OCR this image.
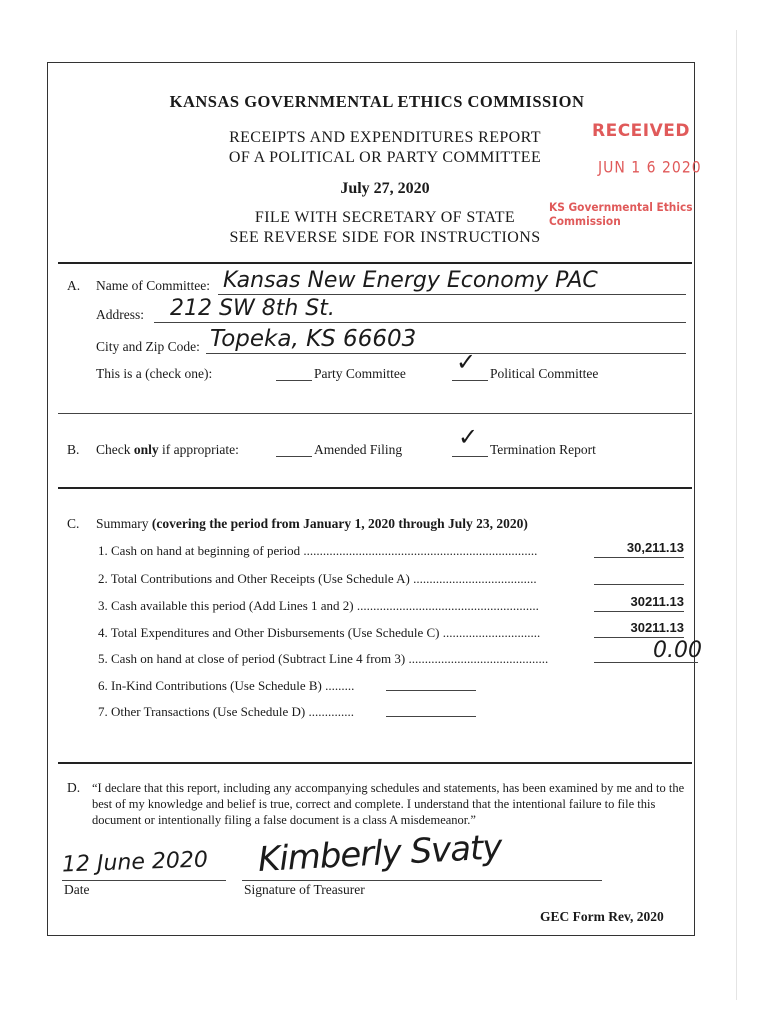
KANSAS GOVERNMENTAL ETHICS COMMISSION
RECEIPTS AND EXPENDITURES REPORT
OF A POLITICAL OR PARTY COMMITTEE
July 27, 2020
FILE WITH SECRETARY OF STATE
SEE REVERSE SIDE FOR INSTRUCTIONS
RECEIVED
JUN 1 6 2020
KS Governmental Ethics Commission
A. Name of Committee: Kansas New Energy Economy PAC
Address: 212 SW 8th St.
City and Zip Code: Topeka, KS 66603
This is a (check one):	Party Committee ✓ Political Committee
B. Check only if appropriate:	Amended Filing ✓ Termination Report
C. Summary (covering the period from January 1, 2020 through July 23, 2020)
1. Cash on hand at beginning of period ........................................................................	30,211.13
2. Total Contributions and Other Receipts (Use Schedule A) ......................................
3. Cash available this period (Add Lines 1 and 2) ........................................................	30211.13
4. Total Expenditures and Other Disbursements (Use Schedule C) ..............................	30211.13
5. Cash on hand at close of period (Subtract Line 4 from 3) ...........................................	0.00
6. In-Kind Contributions (Use Schedule B) .........
7. Other Transactions (Use Schedule D) ..............
D. “I declare that this report, including any accompanying schedules and statements, has been examined by me and to the best of my knowledge and belief is true, correct and complete. I understand that the intentional failure to file this document or intentionally filing a false document is a class A misdemeanor.”
12 June 2020
Date
Kimberly Svaty
Signature of Treasurer
GEC Form Rev, 2020
